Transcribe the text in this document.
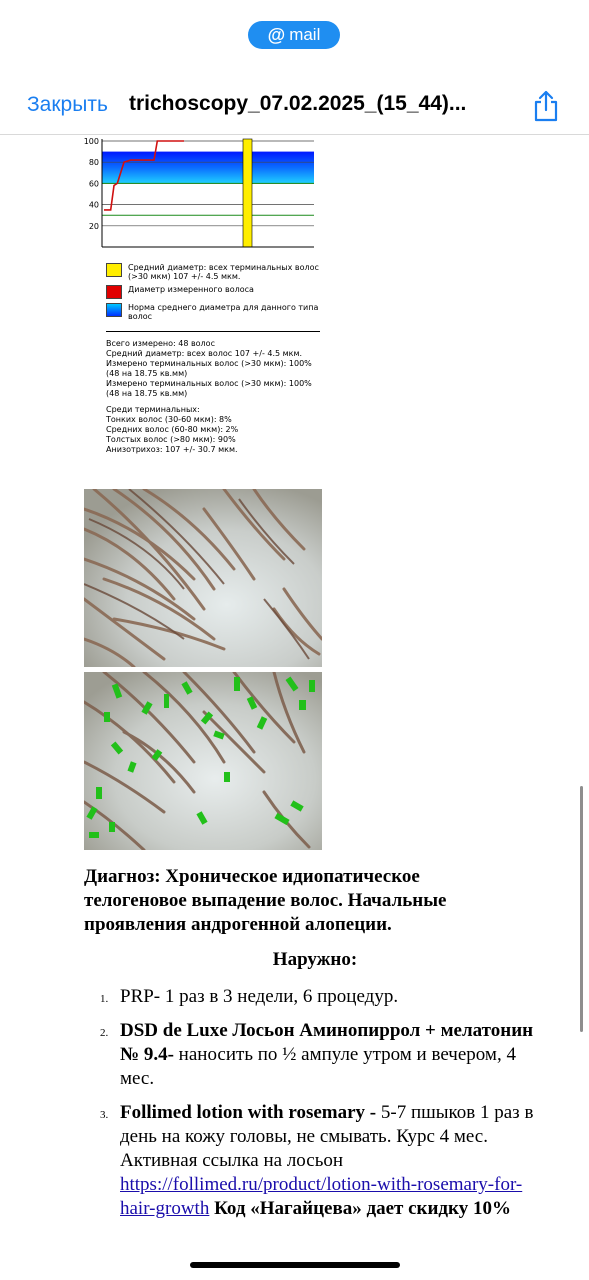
@ mail
Закрыть trichoscopy_07.02.2025_(15_44)...
100
80
60
40
20
Средний диаметр: всех терминальных волос (>30 мкм) 107 +/- 4.5 мкм.
Диаметр измеренного волоса
Норма среднего диаметра для данного типа волос
Всего измерено: 48 волос
Средний диаметр: всех волос 107 +/- 4.5 мкм.
Измерено терминальных волос (>30 мкм): 100%
(48 на 18.75 кв.мм)
Измерено терминальных волос (>30 мкм): 100%
(48 на 18.75 кв.мм)
Среди терминальных:
Тонких волос (30-60 мкм): 8%
Средних волос (60-80 мкм): 2%
Толстых волос (>80 мкм): 90%
Анизотрихоз: 107 +/- 30.7 мкм.
Диагноз: Хроническое идиопатическое телогеновое выпадение волос. Начальные проявления андрогенной алопеции.
Наружно:
1. PRP- 1 раз в 3 недели, 6 процедур.
2. DSD de Luxe Лосьон Аминопиррол + мелатонин № 9.4- наносить по ½ ампуле утром и вечером, 4 мес.
3. Follimed lotion with rosemary - 5-7 пшыков 1 раз в день на кожу головы, не смывать. Курс 4 мес. Активная ссылка на лосьон https://follimed.ru/product/lotion-with-rosemary-for-hair-growth Код «Нагайцева» дает скидку 10%
